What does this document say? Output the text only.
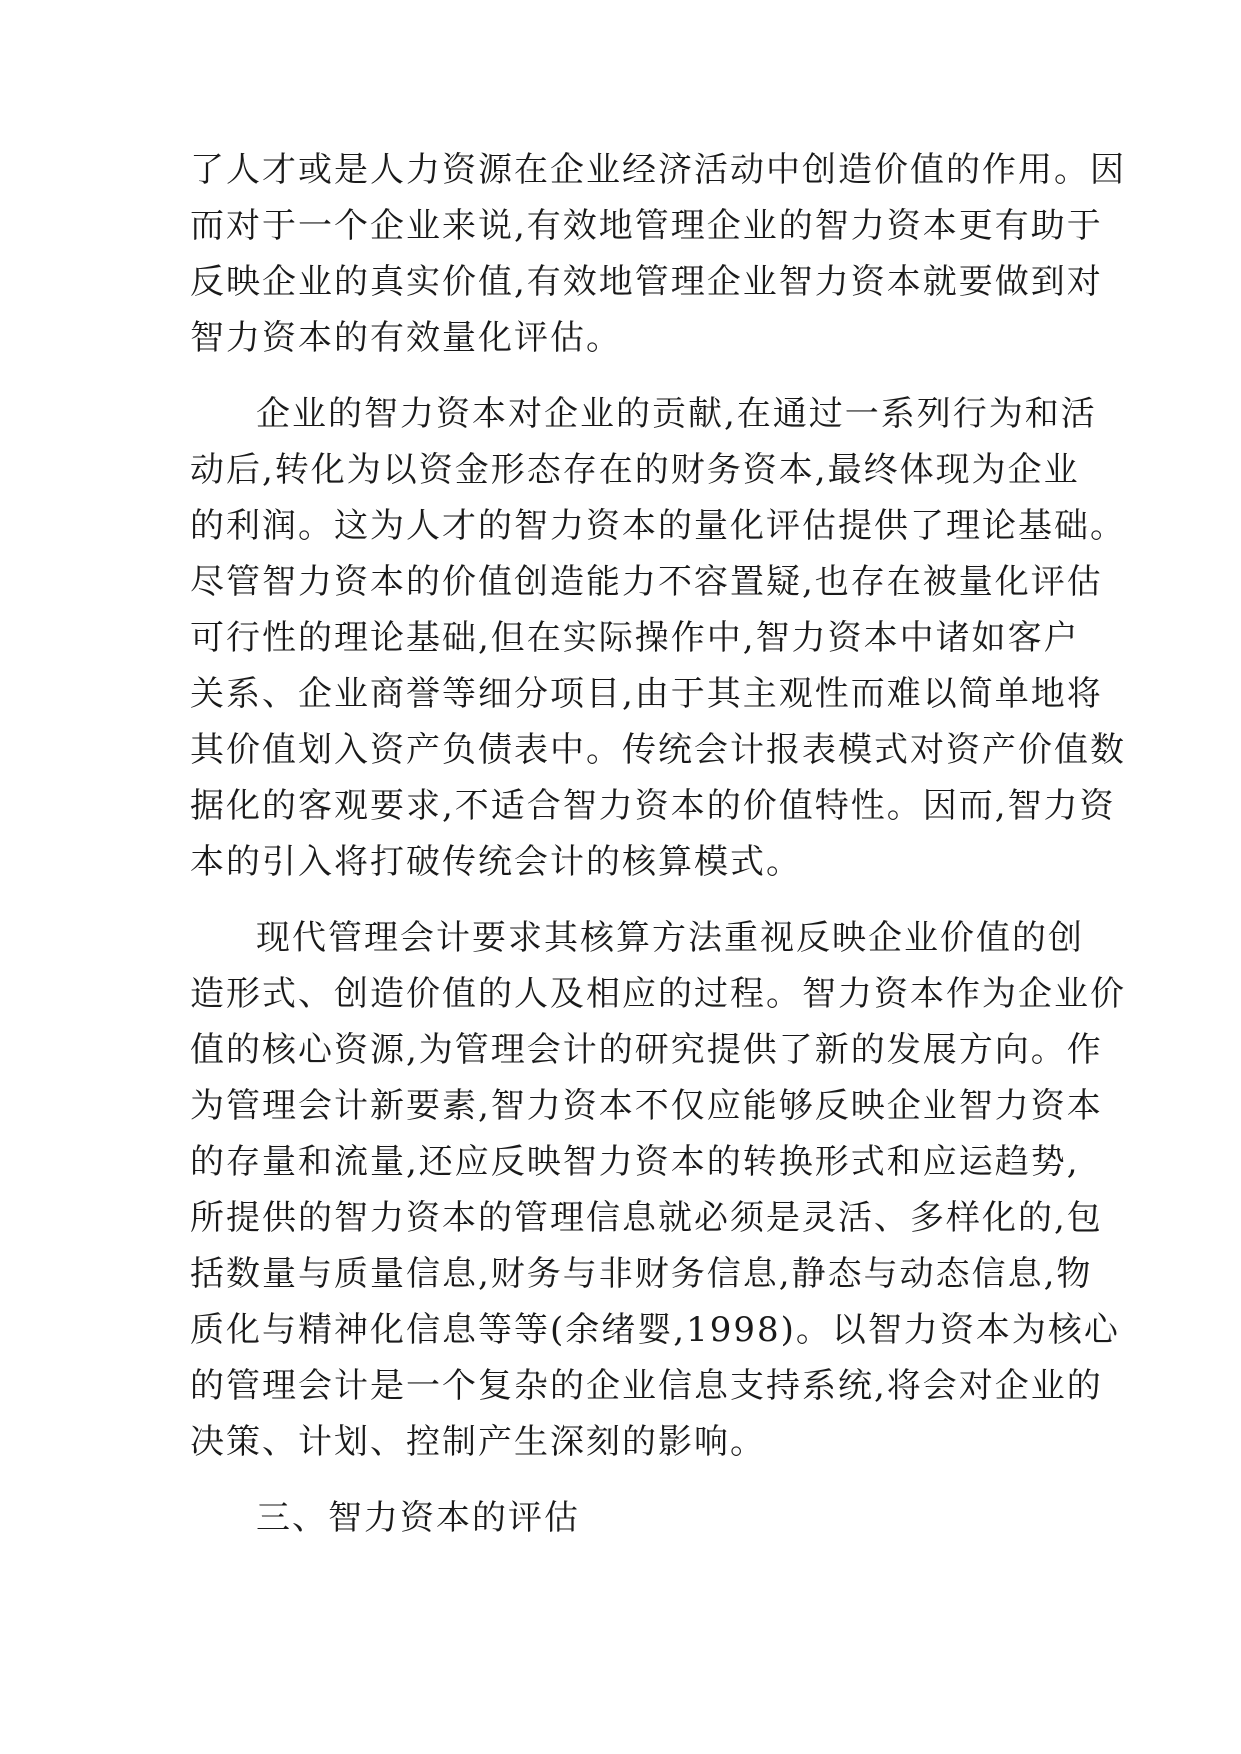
了人才或是人力资源在企业经济活动中创造价值的作用。因
而对于一个企业来说,有效地管理企业的智力资本更有助于
反映企业的真实价值,有效地管理企业智力资本就要做到对
智力资本的有效量化评估。
企业的智力资本对企业的贡献,在通过一系列行为和活
动后,转化为以资金形态存在的财务资本,最终体现为企业
的利润。这为人才的智力资本的量化评估提供了理论基础。
尽管智力资本的价值创造能力不容置疑,也存在被量化评估
可行性的理论基础,但在实际操作中,智力资本中诸如客户
关系、企业商誉等细分项目,由于其主观性而难以简单地将
其价值划入资产负债表中。传统会计报表模式对资产价值数
据化的客观要求,不适合智力资本的价值特性。因而,智力资
本的引入将打破传统会计的核算模式。
现代管理会计要求其核算方法重视反映企业价值的创
造形式、创造价值的人及相应的过程。智力资本作为企业价
值的核心资源,为管理会计的研究提供了新的发展方向。作
为管理会计新要素,智力资本不仅应能够反映企业智力资本
的存量和流量,还应反映智力资本的转换形式和应运趋势,
所提供的智力资本的管理信息就必须是灵活、多样化的,包
括数量与质量信息,财务与非财务信息,静态与动态信息,物
质化与精神化信息等等(余绪婴,1998)。以智力资本为核心
的管理会计是一个复杂的企业信息支持系统,将会对企业的
决策、计划、控制产生深刻的影响。
三、智力资本的评估
